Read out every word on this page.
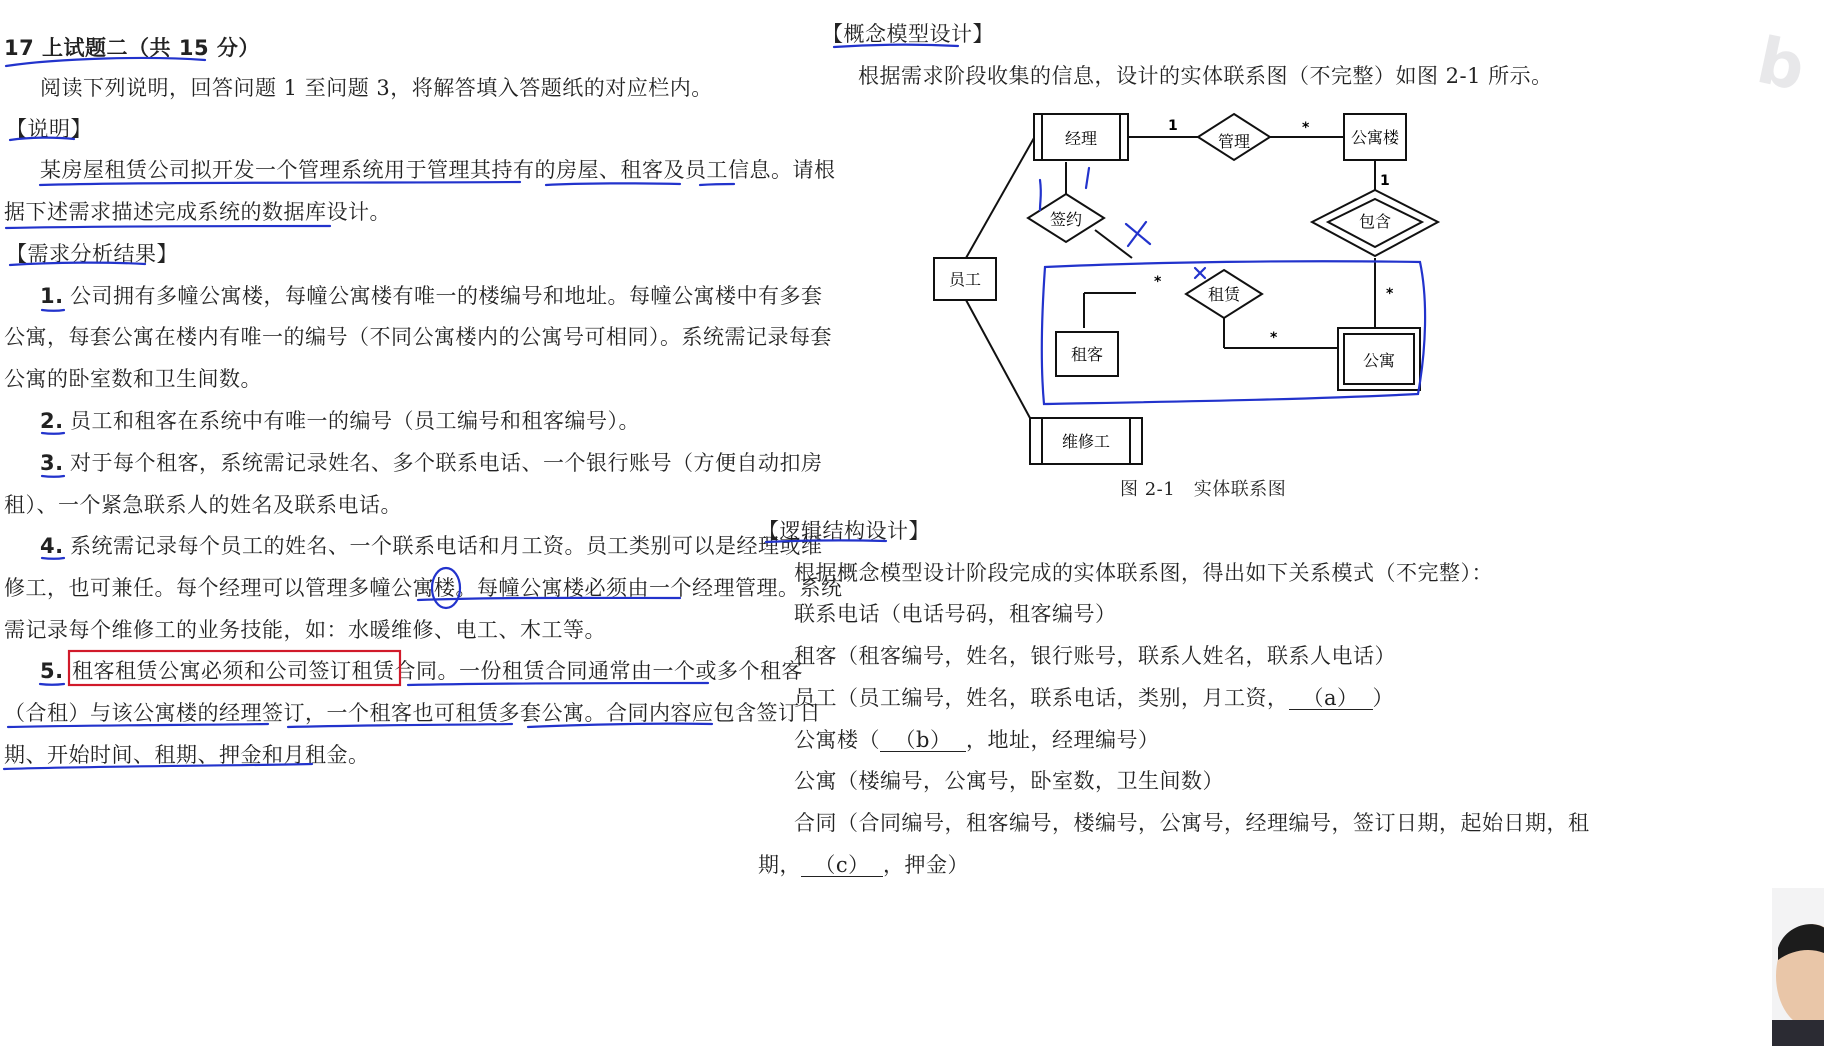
17 上试题二（共 15 分）
阅读下列说明，回答问题 1 至问题 3，将解答填入答题纸的对应栏内。
【说明】
某房屋租赁公司拟开发一个管理系统用于管理其持有的房屋、租客及员工信息。请根
据下述需求描述完成系统的数据库设计。
【需求分析结果】
1. 公司拥有多幢公寓楼，每幢公寓楼有唯一的楼编号和地址。每幢公寓楼中有多套
公寓，每套公寓在楼内有唯一的编号（不同公寓楼内的公寓号可相同）。系统需记录每套
公寓的卧室数和卫生间数。
2. 员工和租客在系统中有唯一的编号（员工编号和租客编号）。
3. 对于每个租客，系统需记录姓名、多个联系电话、一个银行账号（方便自动扣房
租）、一个紧急联系人的姓名及联系电话。
4. 系统需记录每个员工的姓名、一个联系电话和月工资。员工类别可以是经理或维
修工，也可兼任。每个经理可以管理多幢公寓楼。每幢公寓楼必须由一个经理管理。系统
需记录每个维修工的业务技能，如：水暖维修、电工、木工等。
5. 租客租赁公寓必须和公司签订租赁合同。一份租赁合同通常由一个或多个租客
（合租）与该公寓楼的经理签订，一个租客也可租赁多套公寓。合同内容应包含签订日
期、开始时间、租期、押金和月租金。
【概念模型设计】
根据需求阶段收集的信息，设计的实体联系图（不完整）如图 2-1 所示。
经理	管理	公寓楼
签约	包含
员工
租赁
租客	公寓
维修工
1	*
1
*
*
*
图 2-1　实体联系图
【逻辑结构设计】
根据概念模型设计阶段完成的实体联系图，得出如下关系模式（不完整）：
联系电话（电话号码，租客编号）
租客（租客编号，姓名，银行账号，联系人姓名，联系人电话）
员工（员工编号，姓名，联系电话，类别，月工资， （a） ）
公寓楼（ （b） ，地址，经理编号）
公寓（楼编号，公寓号，卧室数，卫生间数）
合同（合同编号，租客编号，楼编号，公寓号，经理编号，签订日期，起始日期，租
期， （c） ，押金）
b
